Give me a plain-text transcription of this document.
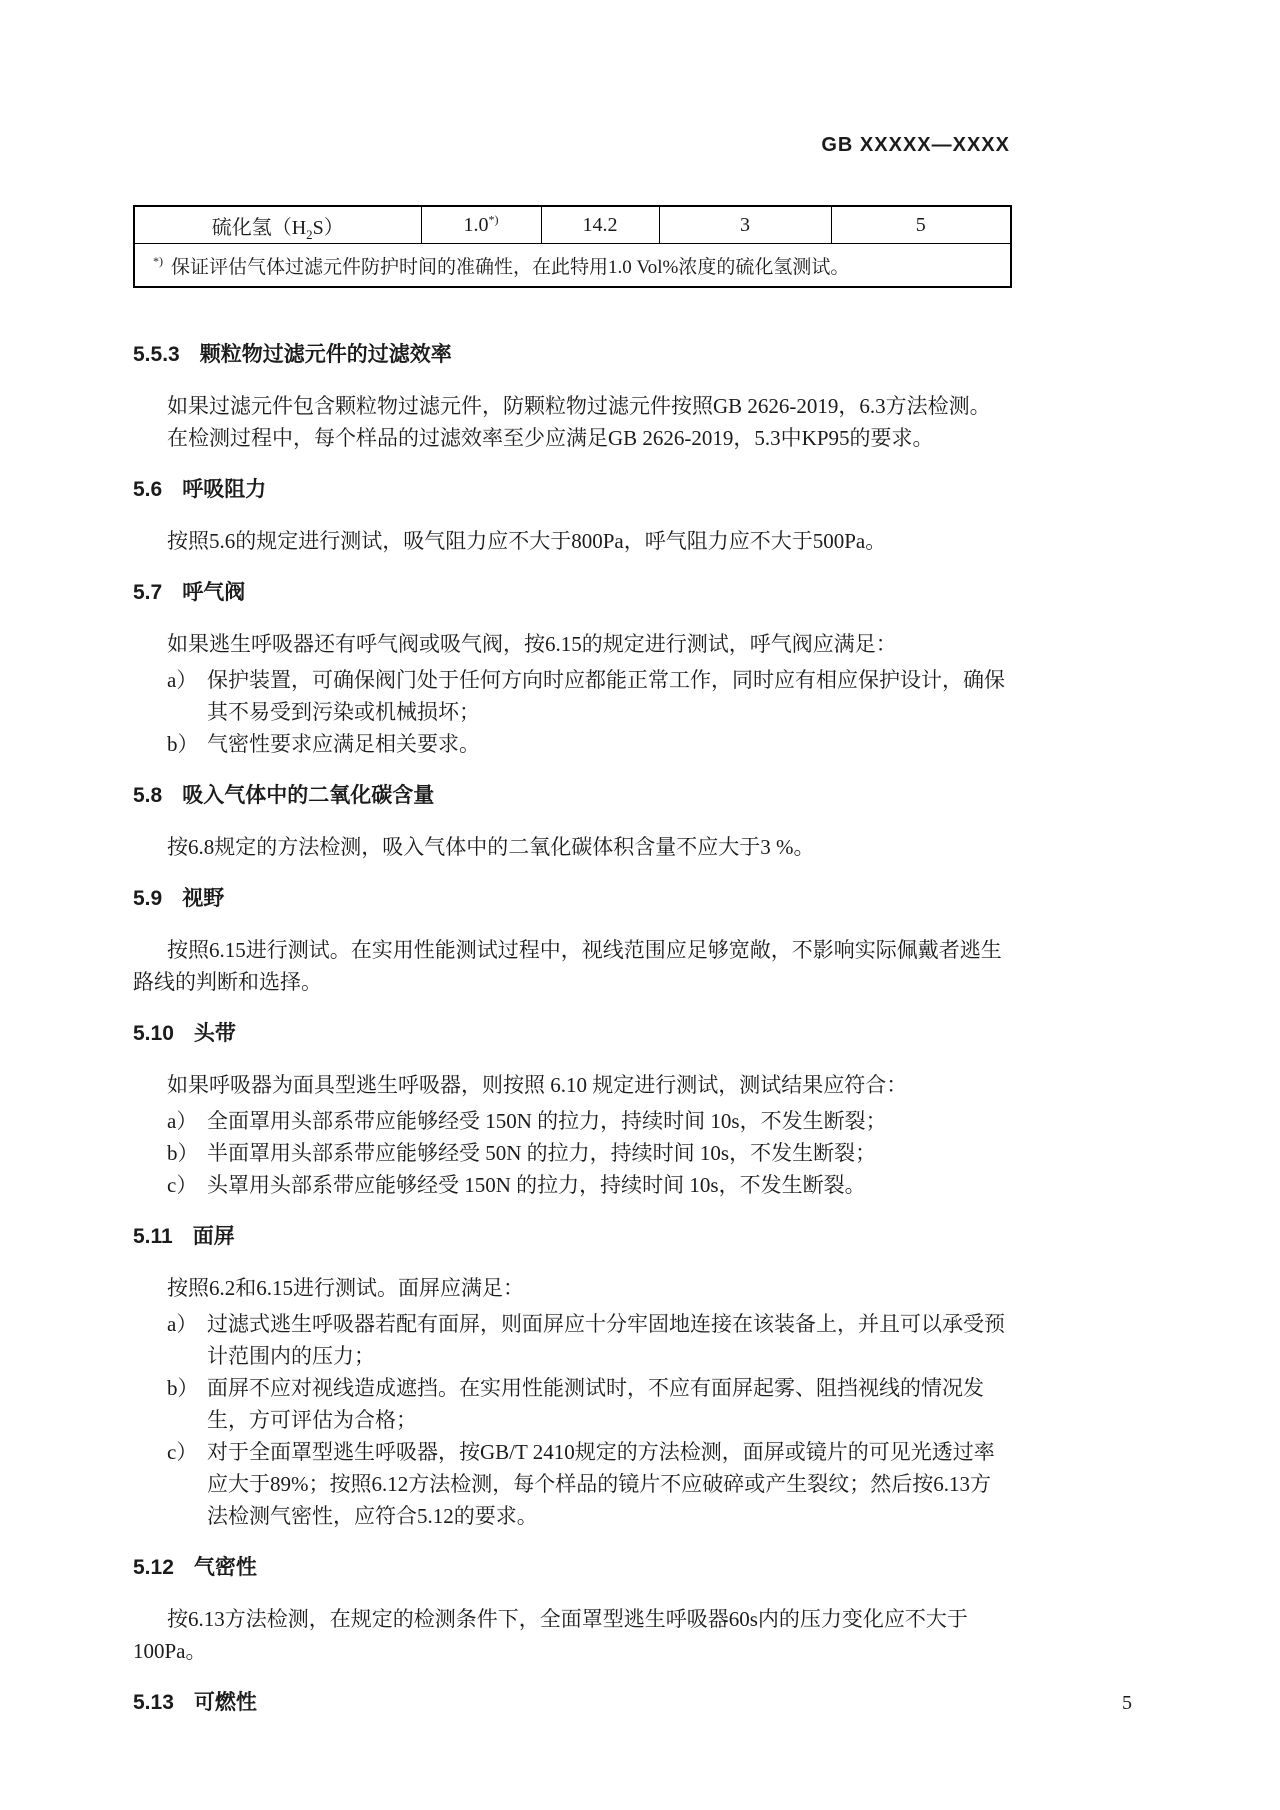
GB XXXXX—XXXX
硫化氢$(H_2S)$	1.0*)	14.2	3	5
*) 保证评估气体过滤元件防护时间的准确性，在此特用1.0 Vol%浓度的硫化氢测试。
5.5.3 颗粒物过滤元件的过滤效率

如果过滤元件包含颗粒物过滤元件，防颗粒物过滤元件按照GB 2626-2019，6.3方法检测。

在检测过程中，每个样品的过滤效率至少应满足GB 2626-2019，5.3中KP95的要求。

5.6 呼吸阻力

按照5.6的规定进行测试，吸气阻力应不大于800Pa，呼气阻力应不大于500Pa。

5.7 呼气阀

如果逃生呼吸器还有呼气阀或吸气阀，按6.15的规定进行测试，呼气阀应满足：

a） 保护装置，可确保阀门处于任何方向时应都能正常工作，同时应有相应保护设计，确保其不易受到污染或机械损坏；
b） 气密性要求应满足相关要求。
5.8 吸入气体中的二氧化碳含量

按6.8规定的方法检测，吸入气体中的二氧化碳体积含量不应大于3 %。

5.9 视野

按照6.15进行测试。在实用性能测试过程中，视线范围应足够宽敞，不影响实际佩戴者逃生路线的判断和选择。

5.10 头带

如果呼吸器为面具型逃生呼吸器，则按照 6.10 规定进行测试，测试结果应符合：

a） 全面罩用头部系带应能够经受 150N 的拉力，持续时间 10s，不发生断裂；
b） 半面罩用头部系带应能够经受 50N 的拉力，持续时间 10s，不发生断裂；
c） 头罩用头部系带应能够经受 150N 的拉力，持续时间 10s，不发生断裂。
5.11 面屏

按照6.2和6.15进行测试。面屏应满足：

a） 过滤式逃生呼吸器若配有面屏，则面屏应十分牢固地连接在该装备上，并且可以承受预计范围内的压力；
b） 面屏不应对视线造成遮挡。在实用性能测试时，不应有面屏起雾、阻挡视线的情况发生，方可评估为合格；
c） 对于全面罩型逃生呼吸器，按GB/T 2410规定的方法检测，面屏或镜片的可见光透过率应大于89%；按照6.12方法检测，每个样品的镜片不应破碎或产生裂纹；然后按6.13方法检测气密性，应符合5.12的要求。
5.12 气密性

按6.13方法检测，在规定的检测条件下，全面罩型逃生呼吸器60s内的压力变化应不大于100Pa。

5.13 可燃性	5
